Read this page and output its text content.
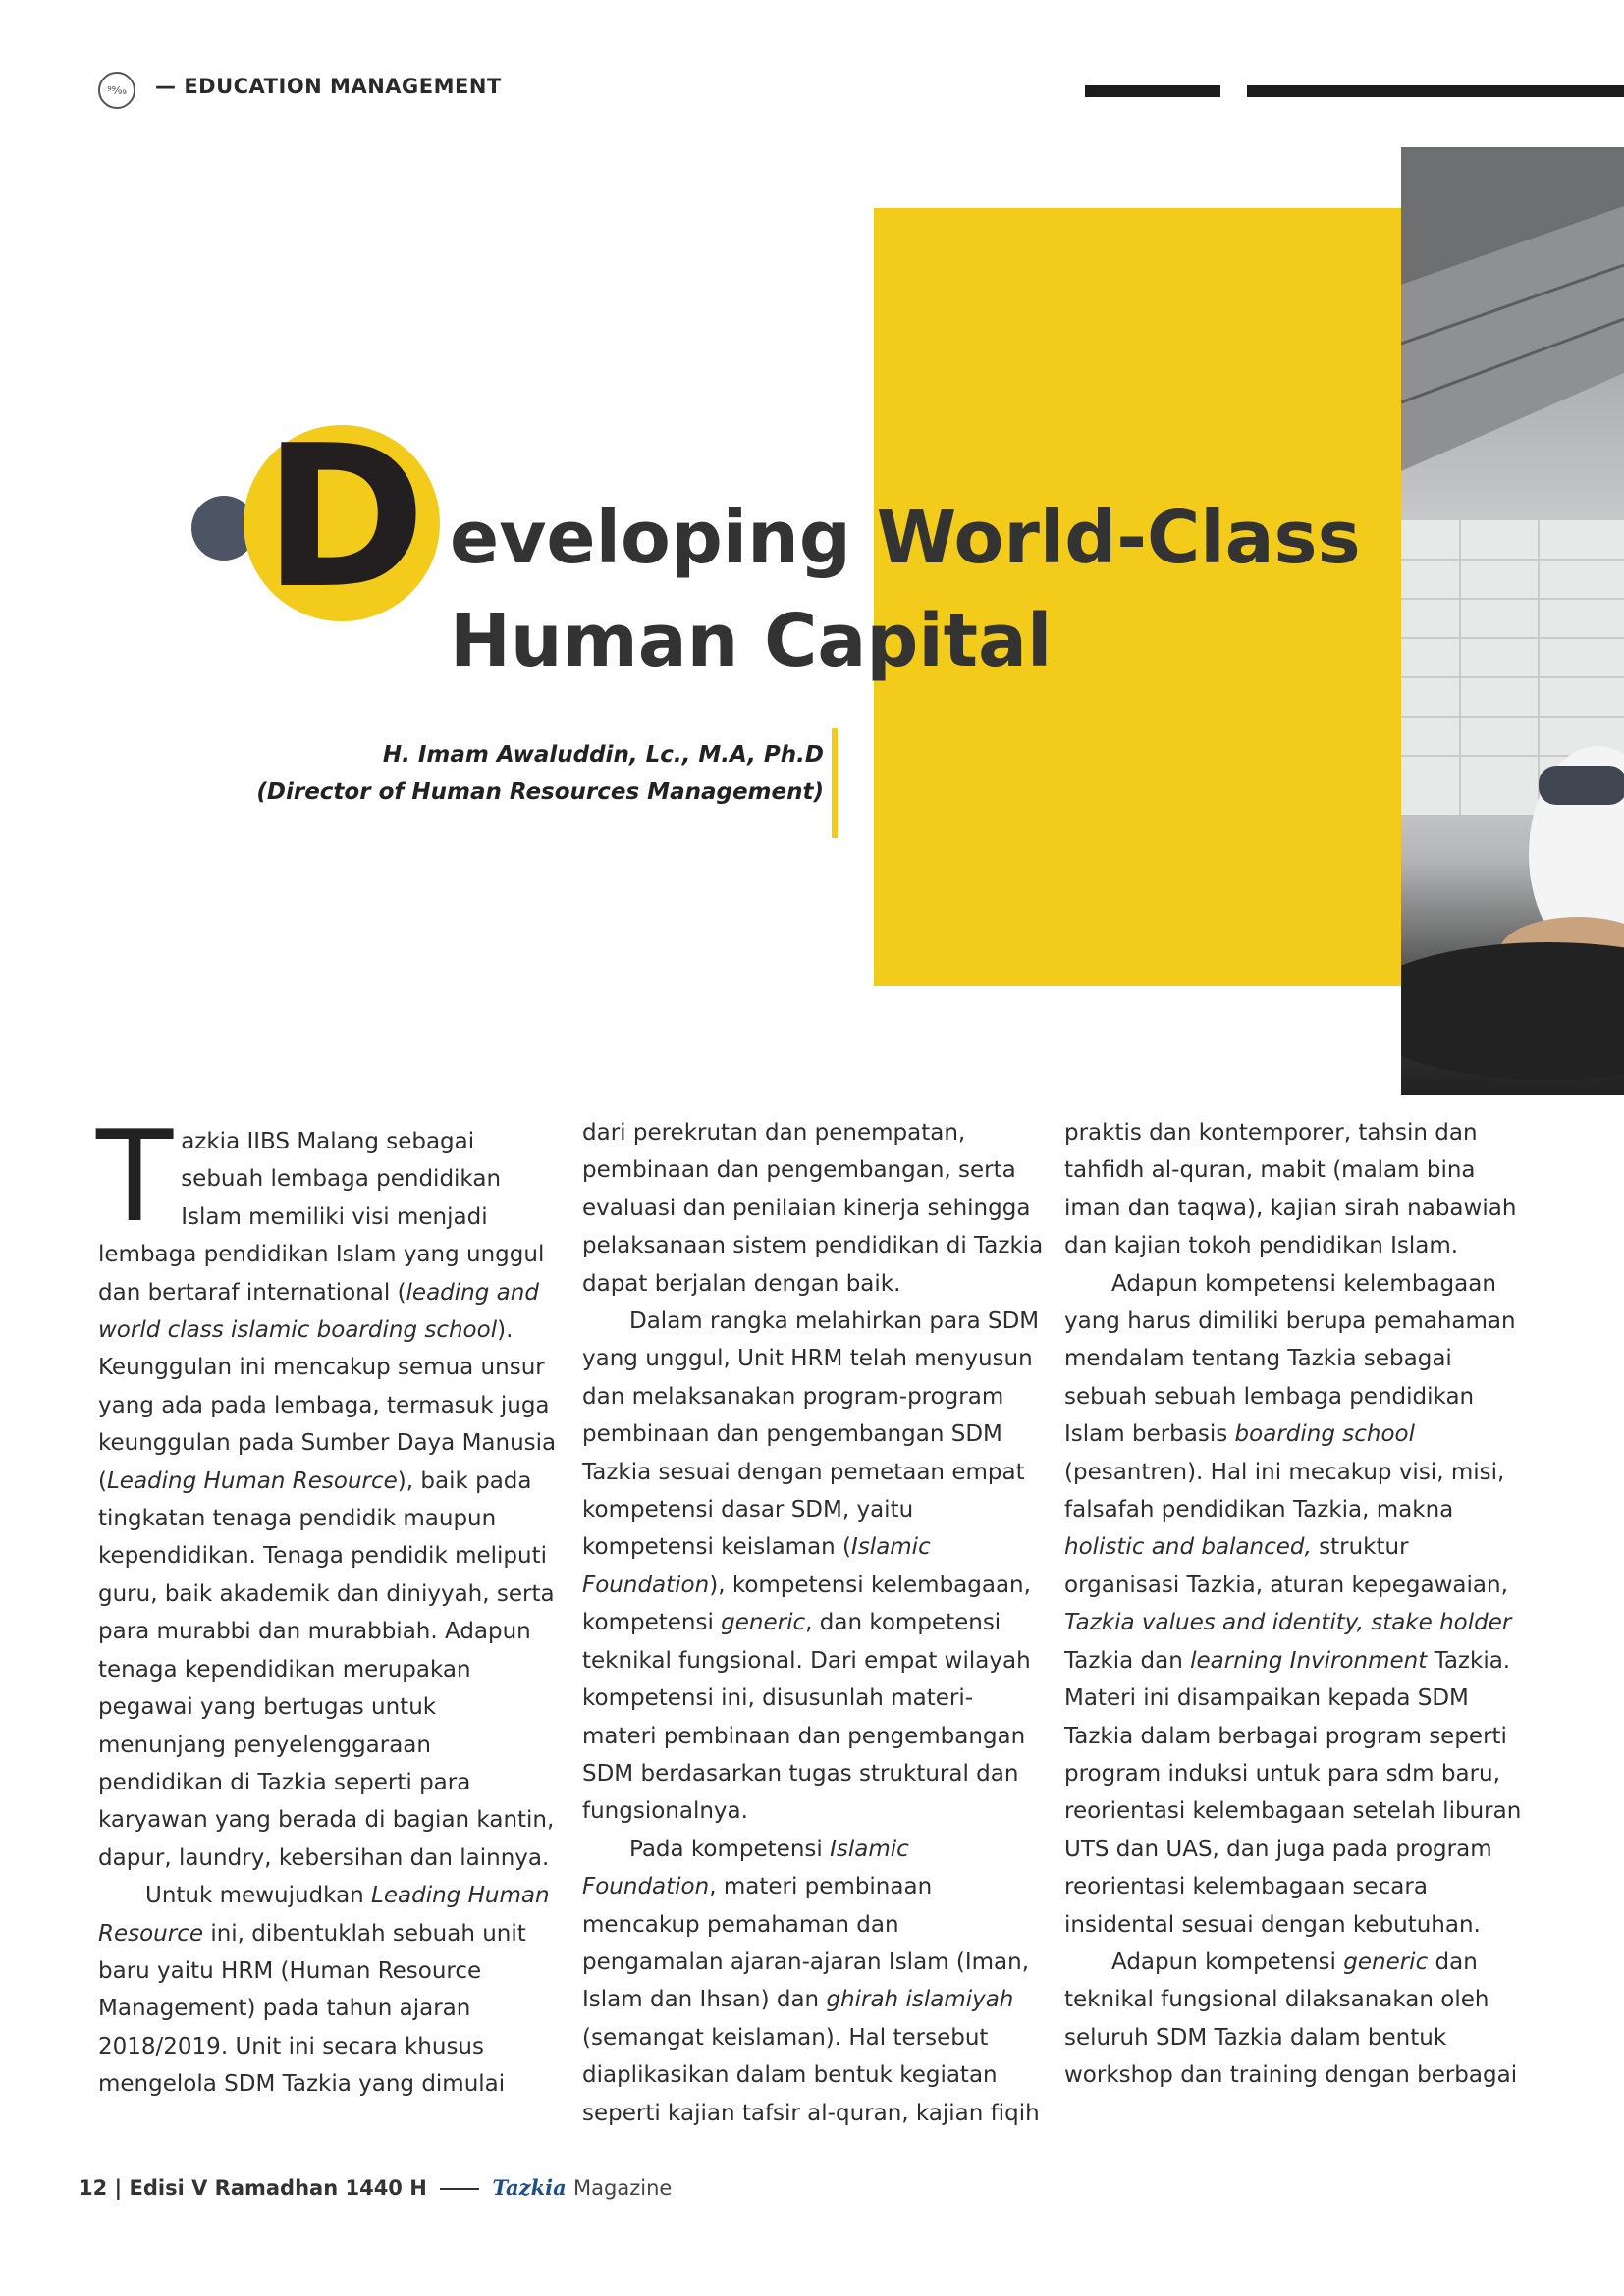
⁹⁹⁄₉₉ — EDUCATION MANAGEMENT
D eveloping World-Class
Human Capital
H. Imam Awaluddin, Lc., M.A, Ph.D
(Director of Human Resources Management)

Tazkia IIBS Malang sebagai sebuah lembaga pendidikan Islam memiliki visi menjadi lembaga pendidikan Islam yang unggul dan bertaraf international (leading and world class islamic boarding school). Keunggulan ini mencakup semua unsur yang ada pada lembaga, termasuk juga keunggulan pada Sumber Daya Manusia (Leading Human Resource), baik pada tingkatan tenaga pendidik maupun kependidikan. Tenaga pendidik meliputi guru, baik akademik dan diniyyah, serta para murabbi dan murabbiah. Adapun tenaga kependidikan merupakan pegawai yang bertugas untuk menunjang penyelenggaraan pendidikan di Tazkia seperti para karyawan yang berada di bagian kantin, dapur, laundry, kebersihan dan lainnya.

Untuk mewujudkan Leading Human Resource ini, dibentuklah sebuah unit baru yaitu HRM (Human Resource Management) pada tahun ajaran 2018/2019. Unit ini secara khusus mengelola SDM Tazkia yang dimulai

dari perekrutan dan penempatan, pembinaan dan pengembangan, serta evaluasi dan penilaian kinerja sehingga pelaksanaan sistem pendidikan di Tazkia dapat berjalan dengan baik.

Dalam rangka melahirkan para SDM yang unggul, Unit HRM telah menyusun dan melaksanakan program-program pembinaan dan pengembangan SDM Tazkia sesuai dengan pemetaan empat kompetensi dasar SDM, yaitu kompetensi keislaman (Islamic Foundation), kompetensi kelembagaan, kompetensi generic, dan kompetensi teknikal fungsional. Dari empat wilayah kompetensi ini, disusunlah materi-materi pembinaan dan pengembangan SDM berdasarkan tugas struktural dan fungsionalnya.

Pada kompetensi Islamic Foundation, materi pembinaan mencakup pemahaman dan pengamalan ajaran-ajaran Islam (Iman, Islam dan Ihsan) dan ghirah islamiyah (semangat keislaman). Hal tersebut diaplikasikan dalam bentuk kegiatan seperti kajian tafsir al-quran, kajian fiqih

praktis dan kontemporer, tahsin dan tahfidh al-quran, mabit (malam bina iman dan taqwa), kajian sirah nabawiah dan kajian tokoh pendidikan Islam.

Adapun kompetensi kelembagaan yang harus dimiliki berupa pemahaman mendalam tentang Tazkia sebagai sebuah sebuah lembaga pendidikan Islam berbasis boarding school (pesantren). Hal ini mecakup visi, misi, falsafah pendidikan Tazkia, makna holistic and balanced, struktur organisasi Tazkia, aturan kepegawaian, Tazkia values and identity, stake holder Tazkia dan learning Invironment Tazkia. Materi ini disampaikan kepada SDM Tazkia dalam berbagai program seperti program induksi untuk para sdm baru, reorientasi kelembagaan setelah liburan UTS dan UAS, dan juga pada program reorientasi kelembagaan secara insidental sesuai dengan kebutuhan.

Adapun kompetensi generic dan teknikal fungsional dilaksanakan oleh seluruh SDM Tazkia dalam bentuk workshop dan training dengan berbagai

12 | Edisi V Ramadhan 1440 H	Tazkia Magazine
